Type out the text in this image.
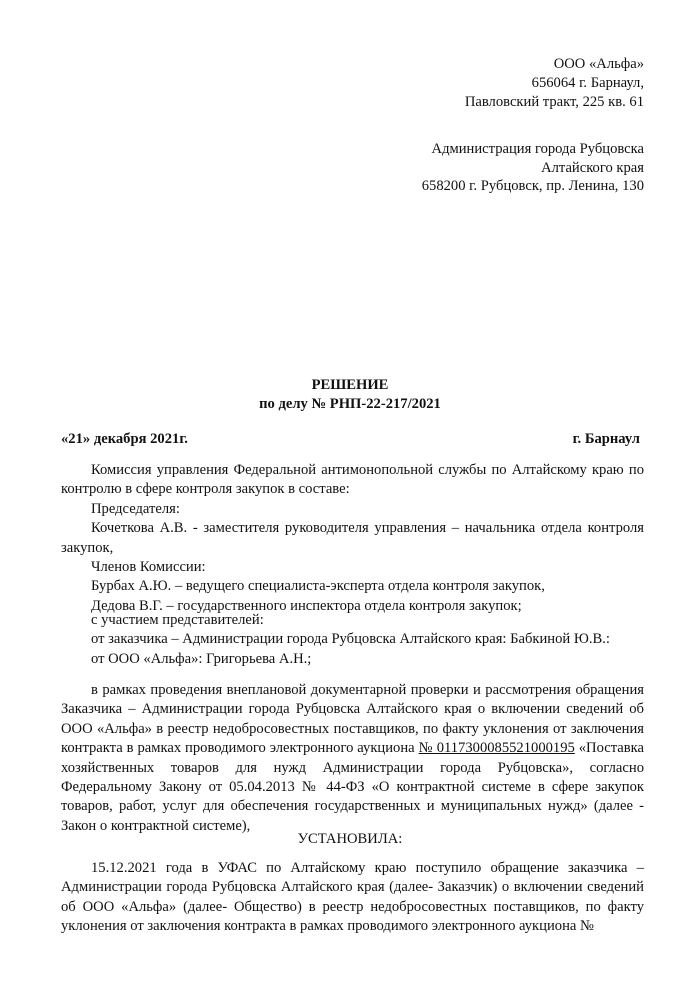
ООО «Альфа»
656064 г. Барнаул,
Павловский тракт, 225 кв. 61
Администрация города Рубцовска
Алтайского края
658200 г. Рубцовск, пр. Ленина, 130
РЕШЕНИЕ
по делу № РНП-22-217/2021
«21» декабря 2021г.	г. Барнаул

Комиссия управления Федеральной антимонопольной службы по Алтайскому краю по контролю в сфере контроля закупок в составе:

Председателя:

Кочеткова А.В. - заместителя руководителя управления – начальника отдела контроля закупок,

Членов Комиссии:

Бурбах А.Ю. – ведущего специалиста-эксперта отдела контроля закупок,

Дедова В.Г. – государственного инспектора отдела контроля закупок;

с участием представителей:

от заказчика – Администрации города Рубцовска Алтайского края: Бабкиной Ю.В.:

от ООО «Альфа»: Григорьева А.Н.;

в рамках проведения внеплановой документарной проверки и рассмотрения обращения Заказчика – Администрации города Рубцовска Алтайского края о включении сведений об ООО «Альфа» в реестр недобросовестных поставщиков, по факту уклонения от заключения контракта в рамках проводимого электронного аукциона № 0117300085521000195 «Поставка хозяйственных товаров для нужд Администрации города Рубцовска», согласно Федеральному Закону от 05.04.2013 № 44-ФЗ «О контрактной системе в сфере закупок товаров, работ, услуг для обеспечения государственных и муниципальных нужд» (далее - Закон о контрактной системе),

УСТАНОВИЛА:

15.12.2021 года в УФАС по Алтайскому краю поступило обращение заказчика – Администрации города Рубцовска Алтайского края (далее- Заказчик) о включении сведений об ООО «Альфа» (далее- Общество) в реестр недобросовестных поставщиков, по факту уклонения от заключения контракта в рамках проводимого электронного аукциона №
